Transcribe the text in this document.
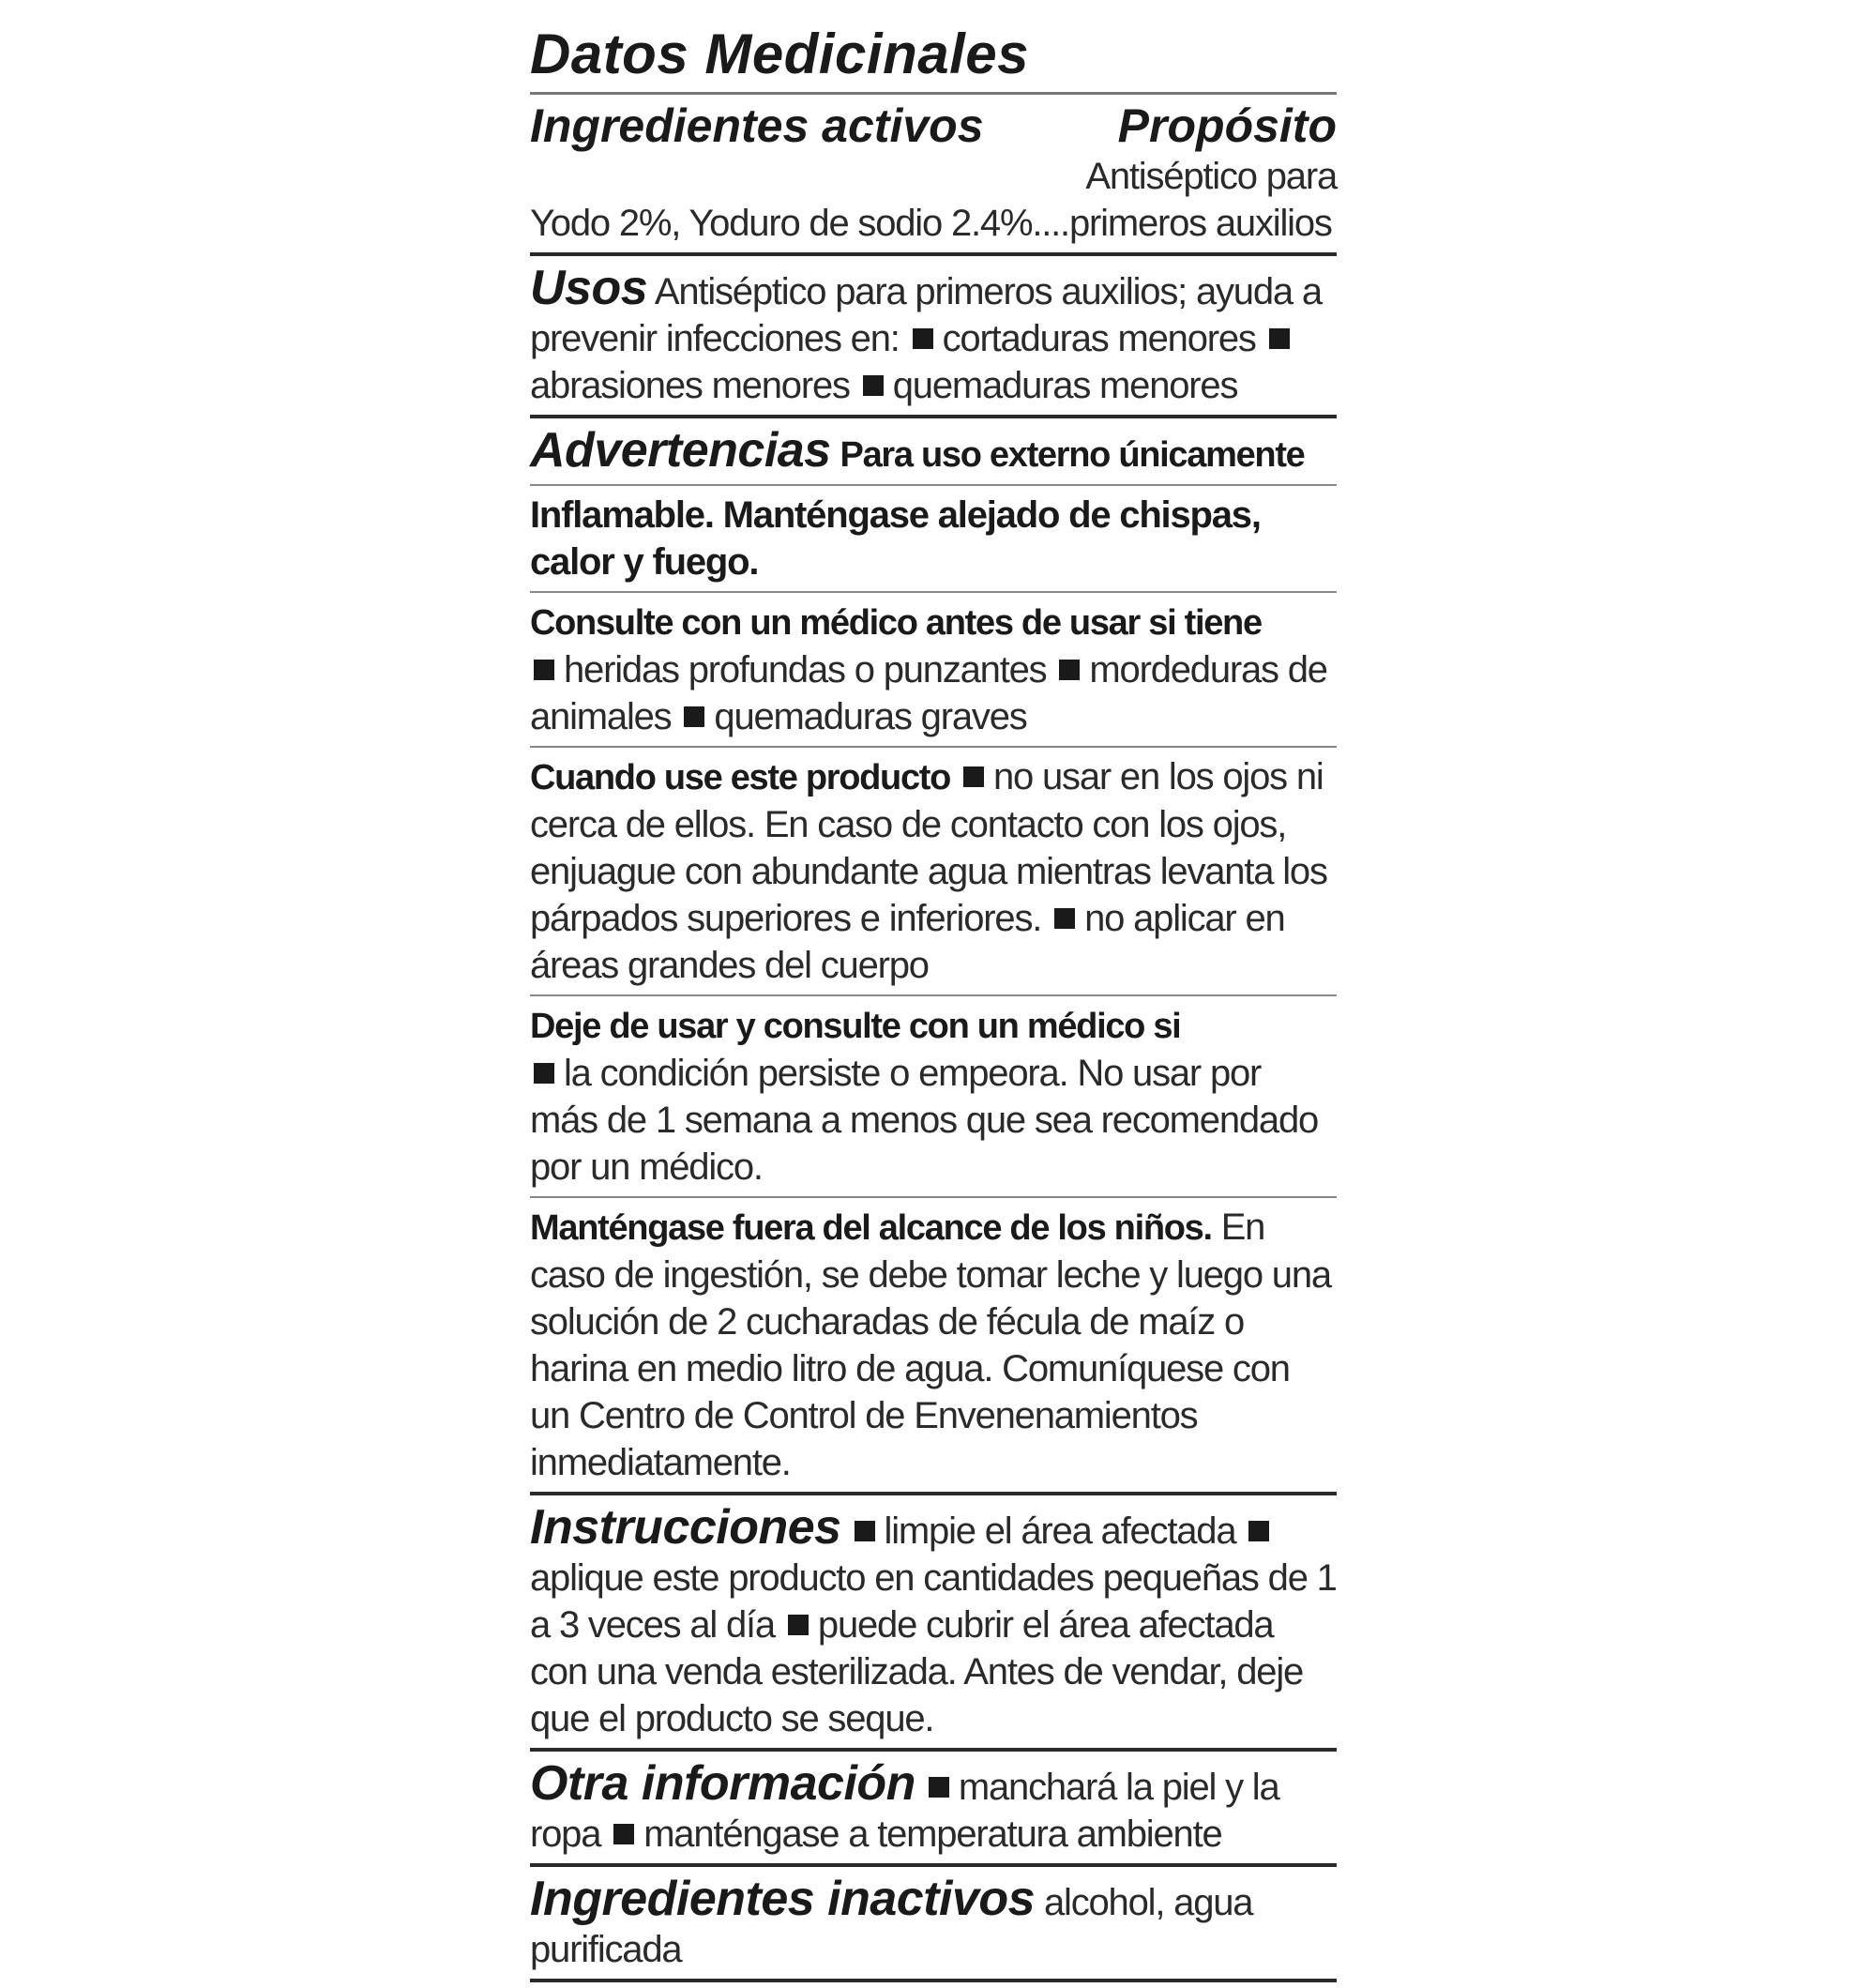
Datos Medicinales
Ingredientes activos	Propósito
Antiséptico para
Yodo 2%, Yoduro de sodio 2.4%....primeros auxilios
Usos Antiséptico para primeros auxilios; ayuda a prevenir infecciones en: cortaduras menores abrasiones menores quemaduras menores
Advertencias Para uso externo únicamente
Inflamable. Manténgase alejado de chispas, calor y fuego.
Consulte con un médico antes de usar si tiene
heridas profundas o punzantes mordeduras de animales quemaduras graves
Cuando use este producto no usar en los ojos ni cerca de ellos. En caso de contacto con los ojos, enjuague con abundante agua mientras levanta los párpados superiores e inferiores. no aplicar en áreas grandes del cuerpo
Deje de usar y consulte con un médico si
la condición persiste o empeora. No usar por más de 1 semana a menos que sea recomendado por un médico.
Manténgase fuera del alcance de los niños. En caso de ingestión, se debe tomar leche y luego una solución de 2 cucharadas de fécula de maíz o harina en medio litro de agua. Comuníquese con un Centro de Control de Envenenamientos inmediatamente.
Instrucciones limpie el área afectada aplique este producto en cantidades pequeñas de 1 a 3 veces al día puede cubrir el área afectada con una venda esterilizada. Antes de vendar, deje que el producto se seque.
Otra información manchará la piel y la ropa manténgase a temperatura ambiente
Ingredientes inactivos alcohol, agua purificada
